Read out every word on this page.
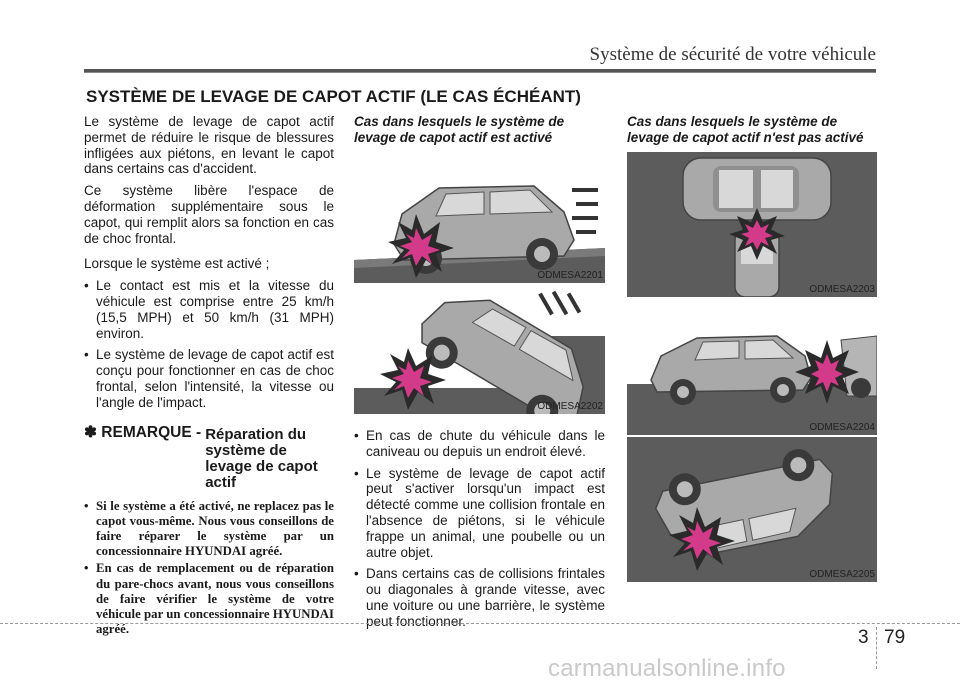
Système de sécurité de votre véhicule
SYSTÈME DE LEVAGE DE CAPOT ACTIF (LE CAS ÉCHÉANT)

Le système de levage de capot actif permet de réduire le risque de blessures infligées aux piétons, en levant le capot dans certains cas d'accident.

Ce système libère l'espace de déformation supplémentaire sous le capot, qui remplit alors sa fonction en cas de choc frontal.

Lorsque le système est activé ;

• Le contact est mis et la vitesse du véhicule est comprise entre 25 km/h (15,5 MPH) et 50 km/h (31 MPH) environ.
• Le système de levage de capot actif est conçu pour fonctionner en cas de choc frontal, selon l'intensité, la vitesse ou l'angle de l'impact.
✽ REMARQUE - Réparation du système de levage de capot actif
• Si le système a été activé, ne replacez pas le capot vous-même. Nous vous conseillons de faire réparer le système par un concessionnaire HYUNDAI agréé.
• En cas de remplacement ou de réparation du pare-chocs avant, nous vous conseillons de faire vérifier le système de votre véhicule par un concessionnaire HYUNDAI agréé.
Cas dans lesquels le système de levage de capot actif est activé
ODMESA2201
ODMESA2202
• En cas de chute du véhicule dans le caniveau ou depuis un endroit élevé.
• Le système de levage de capot actif peut s'activer lorsqu'un impact est détecté comme une collision frontale en l'absence de piétons, si le véhicule frappe un animal, une poubelle ou un autre objet.
• Dans certains cas de collisions frintales ou diagonales à grande vitesse, avec une voiture ou une barrière, le système peut fonctionner.
Cas dans lesquels le système de levage de capot actif n'est pas activé
ODMESA2203
ODMESA2204
ODMESA2205
3 79
carmanualsonline.info
